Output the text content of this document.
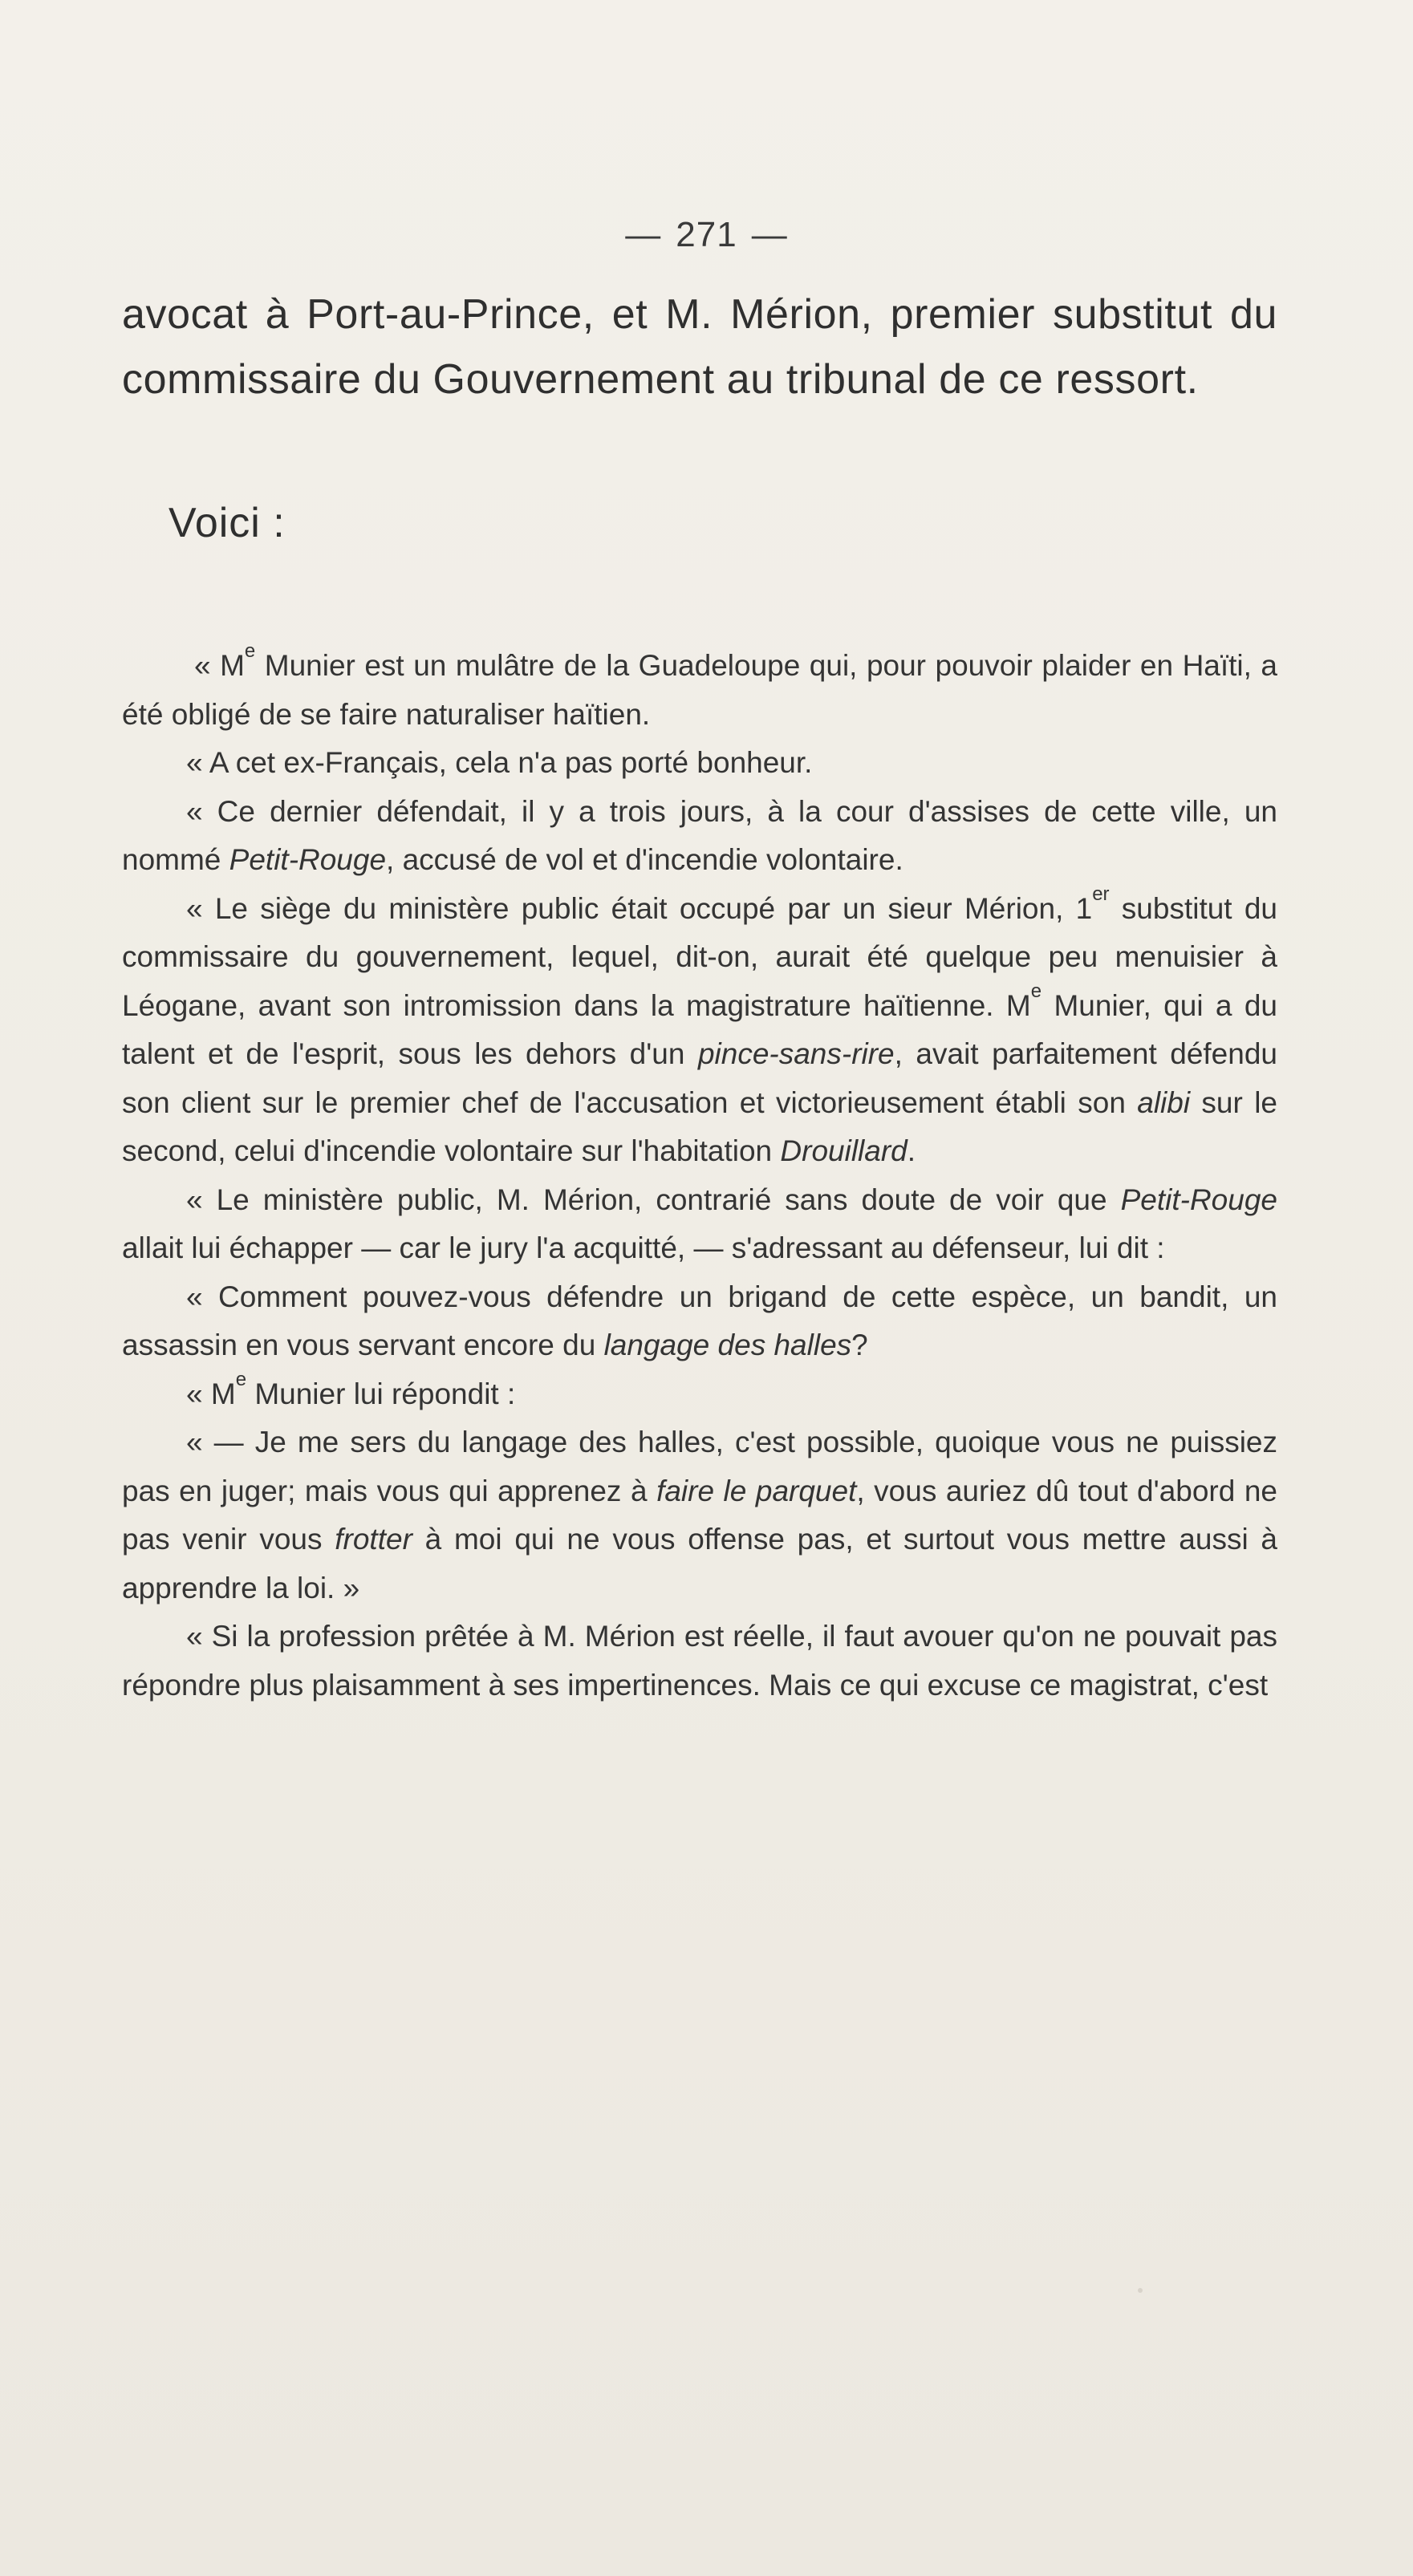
— 271 —
avocat à Port-au-Prince, et M. Mérion, premier substitut du commissaire du Gouvernement au tribunal de ce ressort.
Voici :

« Me Munier est un mulâtre de la Guadeloupe qui, pour pouvoir plaider en Haïti, a été obligé de se faire naturaliser haïtien.

« A cet ex-Français, cela n'a pas porté bonheur.

« Ce dernier défendait, il y a trois jours, à la cour d'assises de cette ville, un nommé Petit-Rouge, accusé de vol et d'incendie volontaire.

« Le siège du ministère public était occupé par un sieur Mérion, 1er substitut du commissaire du gouvernement, lequel, dit-on, aurait été quelque peu menuisier à Léogane, avant son intromission dans la magistrature haïtienne. Me Munier, qui a du talent et de l'esprit, sous les dehors d'un pince-sans-rire, avait parfaitement défendu son client sur le premier chef de l'accusation et victorieusement établi son alibi sur le second, celui d'incendie volontaire sur l'habitation Drouillard.

« Le ministère public, M. Mérion, contrarié sans doute de voir que Petit-Rouge allait lui échapper — car le jury l'a acquitté, — s'adressant au défenseur, lui dit :

« Comment pouvez-vous défendre un brigand de cette espèce, un bandit, un assassin en vous servant encore du langage des halles?

« Me Munier lui répondit :

« — Je me sers du langage des halles, c'est possible, quoique vous ne puissiez pas en juger; mais vous qui apprenez à faire le parquet, vous auriez dû tout d'abord ne pas venir vous frotter à moi qui ne vous offense pas, et surtout vous mettre aussi à apprendre la loi. »

« Si la profession prêtée à M. Mérion est réelle, il faut avouer qu'on ne pouvait pas répondre plus plaisamment à ses impertinences. Mais ce qui excuse ce magistrat, c'est
